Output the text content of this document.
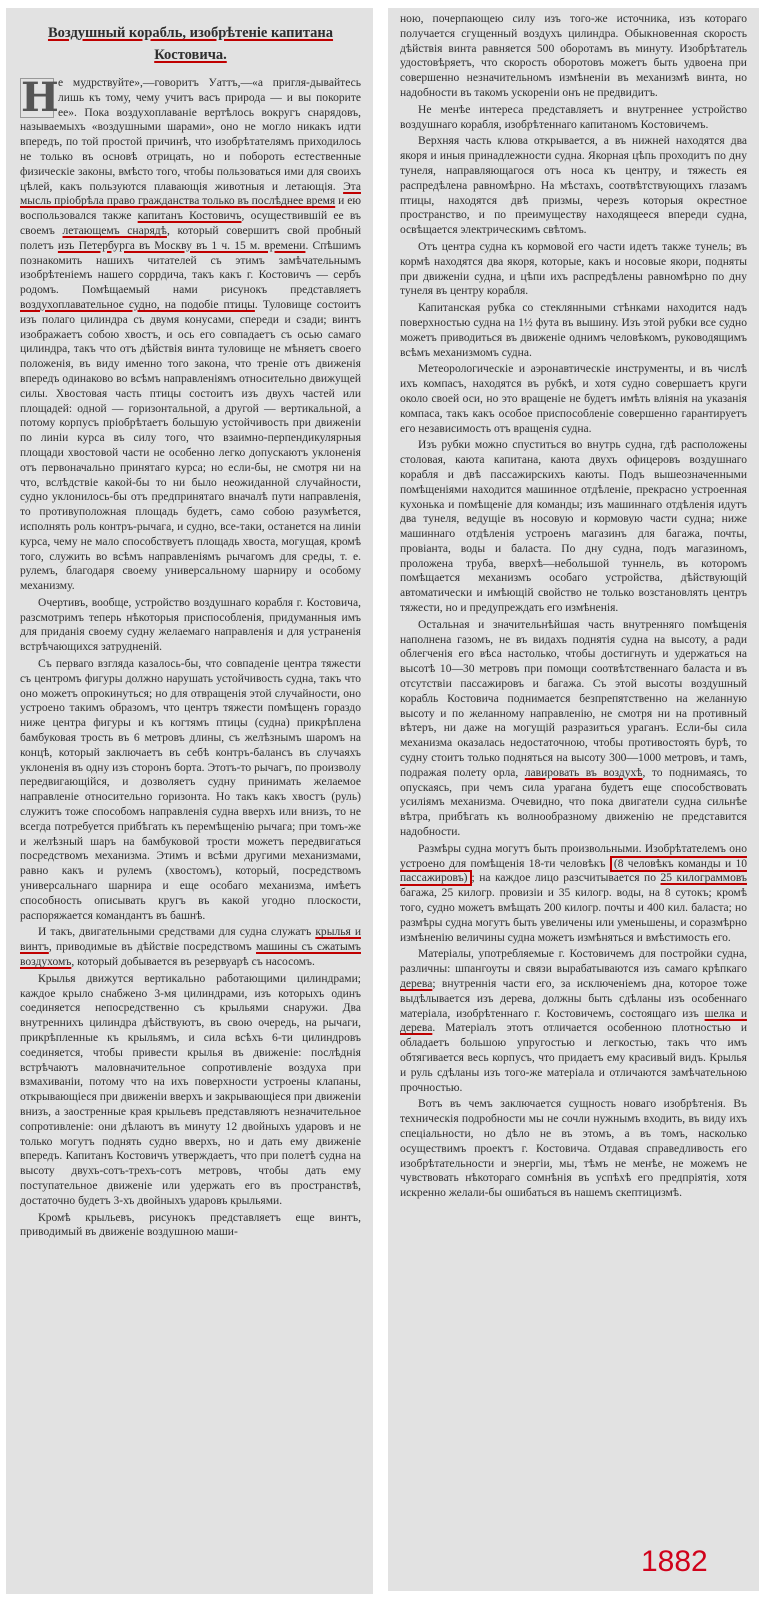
Воздушный корабль, изобрѣтеніе капитана
Костовича.

Н е мудрствуйте»,—говоритъ Уаттъ,—«а пригля-дывайтесь лишь къ тому, чему учитъ васъ природа — и вы покорите ее». Пока воздухоплаваніе вертѣлось вокругъ снарядовъ, называемыхъ «воздушными шарами», оно не могло никакъ идти впередъ, по той простой причинѣ, что изобрѣтателямъ приходилось не только въ основѣ отрицать, но и побороть естественные физическіе законы, вмѣсто того, чтобы пользоваться ими для своихъ цѣлей, какъ пользуются плавающія животныя и летающія. Эта мысль пріобрѣла право гражданства только въ послѣднее время и ею воспользовался также капитанъ Костовичъ, осуществившій ее въ своемъ летающемъ снарядѣ, который совершитъ свой пробный полетъ изъ Петербурга въ Москву въ 1 ч. 15 м. времени. Спѣшимъ познакомить нашихъ читателей съ этимъ замѣчательнымъ изобрѣтеніемъ нашего соррдича, такъ какъ г. Костовичъ — сербъ родомъ. Помѣщаемый нами рисунокъ представляетъ воздухоплавательное судно, на подобіе птицы. Туловище состоитъ изъ полаго цилиндра съ двумя конусами, спереди и сзади; винтъ изображаетъ собою хвостъ, и ось его совпадаетъ съ осью самаго цилиндра, такъ что отъ дѣйствія винта туловище не мѣняетъ своего положенія, въ виду именно того закона, что треніе отъ движенія впередъ одинаково во всѣмъ направленіямъ относительно движущей силы. Хвостовая часть птицы состоитъ изъ двухъ частей или площадей: одной — горизонтальной, а другой — вертикальной, а потому корпусъ пріобрѣтаетъ большую устойчивость при движеніи по линіи курса въ силу того, что взаимно-перпендикулярныя площади хвостовой части не особенно легко допускаютъ уклоненія отъ первоначально принятаго курса; но если-бы, не смотря ни на что, вслѣдствіе какой-бы то ни было неожиданной случайности, судно уклонилось-бы отъ предпринятаго вначалѣ пути направленія, то противуположная площадь будетъ, само собою разумѣется, исполнять роль контръ-рычага, и судно, все-таки, останется на линіи курса, чему не мало способствуетъ площадь хвоста, могущая, кромѣ того, служить во всѣмъ направленіямъ рычагомъ для среды, т. е. рулемъ, благодаря своему универсальному шарниру и особому механизму.

Очертивъ, вообще, устройство воздушнаго корабля г. Костовича, разсмотримъ теперь нѣкоторыя приспособленія, придуманныя имъ для приданія своему судну желаемаго направленія и для устраненія встрѣчающихся затрудненій.

Съ перваго взгляда казалось-бы, что совпаденіе центра тяжести съ центромъ фигуры должно нарушать устойчивость судна, такъ что оно можетъ опрокинуться; но для отвращенія этой случайности, оно устроено такимъ образомъ, что центръ тяжести помѣщенъ гораздо ниже центра фигуры и къ когтямъ птицы (судна) прикрѣплена бамбуковая трость въ 6 метровъ длины, съ желѣзнымъ шаромъ на концѣ, который заключаетъ въ себѣ контръ-балансъ въ случаяхъ уклоненія въ одну изъ сторонъ борта. Этотъ-то рычагъ, по произволу передвигающійся, и дозволяетъ судну принимать желаемое направленіе относительно горизонта. Но такъ какъ хвостъ (руль) служитъ тоже способомъ направленія судна вверхъ или внизъ, то не всегда потребуется прибѣгать къ перемѣщенію рычага; при томъ-же и желѣзный шаръ на бамбуковой трости можетъ передвигаться посредствомъ механизма. Этимъ и всѣми другими механизмами, равно какъ и рулемъ (хвостомъ), который, посредствомъ универсальнаго шарнира и еще особаго механизма, имѣетъ способность описывать кругъ въ какой угодно плоскости, распоряжается командантъ въ башнѣ.

И такъ, двигательными средствами для судна служатъ крылья и винтъ, приводимые въ дѣйствіе посредствомъ машины съ сжатымъ воздухомъ, который добывается въ резервуарѣ съ насосомъ.

Крылья движутся вертикально работающими цилиндрами; каждое крыло снабжено 3-мя цилиндрами, изъ которыхъ одинъ соединяется непосредственно съ крыльями снаружи. Два внутреннихъ цилиндра дѣйствуютъ, въ свою очередь, на рычаги, прикрѣпленные къ крыльямъ, и сила всѣхъ 6-ти цилиндровъ соединяется, чтобы привести крылья въ движеніе: послѣднія встрѣчаютъ маловначительное сопротивленіе воздуха при взмахиваніи, потому что на ихъ поверхности устроены клапаны, открывающіеся при движеніи вверхъ и закрывающіеся при движеніи внизъ, а заостренные края крыльевъ представляютъ незначительное сопротивленіе: они дѣлаютъ въ минуту 12 двойныхъ ударовъ и не только могутъ поднять судно вверхъ, но и дать ему движеніе впередъ. Капитанъ Костовичъ утверждаетъ, что при полетѣ судна на высоту двухъ-сотъ-трехъ-сотъ метровъ, чтобы дать ему поступательное движеніе или удержать его въ пространствѣ, достаточно будетъ 3-хъ двойныхъ ударовъ крыльями.

Кромѣ крыльевъ, рисунокъ представляетъ еще винтъ, приводимый въ движеніе воздушною маши-

ною, почерпающею силу изъ того-же источника, изъ котораго получается сгущенный воздухъ цилиндра. Обыкновенная скорость дѣйствія винта равняется 500 оборотамъ въ минуту. Изобрѣтатель удостовѣряетъ, что скорость оборотовъ можетъ быть удвоена при совершенно незначительномъ измѣненіи въ механизмѣ винта, но надобности въ такомъ ускореніи онъ не предвидитъ.

Не менѣе интереса представляетъ и внутреннее устройство воздушнаго корабля, изобрѣтеннаго капитаномъ Костовичемъ.

Верхняя часть клюва открывается, а въ нижней находятся два якоря и иныя принадлежности судна. Якорная цѣпь проходитъ по дну тунеля, направляющагося отъ носа къ центру, и тяжесть ея распредѣлена равномѣрно. На мѣстахъ, соотвѣтствующихъ глазамъ птицы, находятся двѣ призмы, черезъ которыя окрестное пространство, и по преимуществу находящееся впереди судна, освѣщается электрическимъ свѣтомъ.

Отъ центра судна къ кормовой его части идетъ также тунель; въ кормѣ находятся два якоря, которые, какъ и носовые якори, подняты при движеніи судна, и цѣпи ихъ распредѣлены равномѣрно по дну тунеля въ центру корабля.

Капитанская рубка со стеклянными стѣнками находится надъ поверхностью судна на 1½ фута въ вышину. Изъ этой рубки все судно можетъ приводиться въ движеніе однимъ человѣкомъ, руководящимъ всѣмъ механизмомъ судна.

Метеорологическіе и аэронавтическіе инструменты, и въ числѣ ихъ компасъ, находятся въ рубкѣ, и хотя судно совершаетъ круги около своей оси, но это вращеніе не будетъ имѣть вліянія на указанія компаса, такъ какъ особое приспособленіе совершенно гарантируетъ его независимость отъ вращенія судна.

Изъ рубки можно спуститься во внутрь судна, гдѣ расположены столовая, каюта капитана, каюта двухъ офицеровъ воздушнаго корабля и двѣ пассажирскихъ каюты. Подъ вышеозначенными помѣщеніями находится машинное отдѣленіе, прекрасно устроенная кухонька и помѣщеніе для команды; изъ машиннаго отдѣленія идутъ два тунеля, ведущіе въ носовую и кормовую части судна; ниже машиннаго отдѣленія устроенъ магазинъ для багажа, почты, провіанта, воды и баласта. По дну судна, подъ магазиномъ, проложена труба, вверхѣ—небольшой туннель, въ которомъ помѣщается механизмъ особаго устройства, дѣйствующій автоматически и имѣющій свойство не только возстановлять центръ тяжести, но и предупреждать его измѣненія.

Остальная и значительнѣйшая часть внутренняго помѣщенія наполнена газомъ, не въ видахъ поднятія судна на высоту, а ради облегченія его вѣса настолько, чтобы достигнуть и удержаться на высотѣ 10—30 метровъ при помощи соотвѣтственнаго баласта и въ отсутствіи пассажировъ и багажа. Съ этой высоты воздушный корабль Костовича поднимается безпрепятственно на желанную высоту и по желанному направленію, не смотря ни на противный вѣтеръ, ни даже на могущій разразиться ураганъ. Если-бы сила механизма оказалась недостаточною, чтобы противостоять бурѣ, то судну стоитъ только подняться на высоту 300—1000 метровъ, и тамъ, подражая полету орла, лавировать въ воздухѣ, то поднимаясь, то опускаясь, при чемъ сила урагана будетъ еще способствовать усиліямъ механизма. Очевидно, что пока двигатели судна сильнѣе вѣтра, прибѣгать къ волнообразному движенію не представится надобности.

Размѣры судна могутъ быть произвольными. Изобрѣтателемъ оно устроено для помѣщенія 18-ти человѣкъ (8 человѣкъ команды и 10 пассажировъ) ; на каждое лицо разсчитывается по 25 килограммовъ багажа, 25 килогр. провизіи и 35 килогр. воды, на 8 сутокъ; кромѣ того, судно можетъ вмѣщать 200 килогр. почты и 400 кил. баласта; но размѣры судна могутъ быть увеличены или уменьшены, и соразмѣрно измѣненію величины судна можетъ измѣняться и вмѣстимость его.

Матеріалы, употребляемые г. Костовичемъ для постройки судна, различны: шпангоуты и связи вырабатываются изъ самаго крѣпкаго дерева; внутреннія части его, за исключеніемъ дна, которое тоже выдѣлывается изъ дерева, должны быть сдѣланы изъ особеннаго матеріала, изобрѣтеннаго г. Костовичемъ, состоящаго изъ шелка и дерева. Матеріалъ этотъ отличается особенною плотностью и обладаетъ большою упругостью и легкостью, такъ что имъ обтягивается весь корпусъ, что придаетъ ему красивый видъ. Крылья и руль сдѣланы изъ того-же матеріала и отличаются замѣчательною прочностью.

Вотъ въ чемъ заключается сущность новаго изобрѣтенія. Въ техническія подробности мы не сочли нужнымъ входить, въ виду ихъ спеціальности, но дѣло не въ этомъ, а въ томъ, насколько осуществимъ проектъ г. Костовича. Отдавая справедливость его изобрѣтательности и энергіи, мы, тѣмъ не менѣе, не можемъ не чувствовать нѣкотораго сомнѣнія въ успѣхѣ его предпріятія, хотя искренно желали-бы ошибаться въ нашемъ скептицизмѣ.

1882
